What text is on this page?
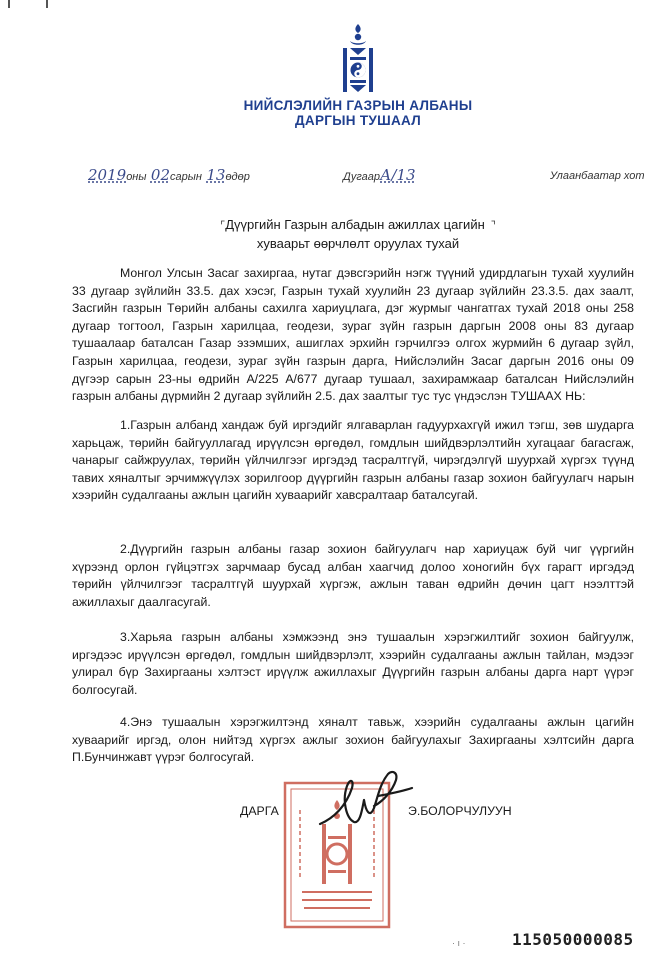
НИЙСЛЭЛИЙН ГАЗРЫН АЛБАНЫ
ДАРГЫН ТУШААЛ
2019оны 02сарын 13өдөр	ДугаарА/13	Улаанбаатар хот
⌜Дүүргийн Газрын албадын ажиллах цагийн ⌝
хуваарьт өөрчлөлт оруулах тухай
Монгол Улсын Засаг захиргаа, нутаг дэвсгэрийн нэгж түүний удирдлагын тухай хуулийн 33 дугаар зүйлийн 33.5. дах хэсэг, Газрын тухай хуулийн 23 дугаар зүйлийн 23.3.5. дах заалт, Засгийн газрын Төрийн албаны сахилга хариуцлага, дэг журмыг чангатгах тухай 2018 оны 258 дугаар тогтоол, Газрын харилцаа, геодези, зураг зүйн газрын даргын 2008 оны 83 дугаар тушаалаар баталсан Газар эзэмших, ашиглах эрхийн гэрчилгээ олгох журмийн 6 дугаар зүйл, Газрын харилцаа, геодези, зураг зүйн газрын дарга, Нийслэлийн Засаг даргын 2016 оны 09 дүгээр сарын 23-ны өдрийн А/225 А/677 дугаар тушаал, захирамжаар баталсан Нийслэлийн газрын албаны дүрмийн 2 дугаар зүйлийн 2.5. дах заалтыг тус тус үндэслэн ТУШААХ НЬ:
1.Газрын албанд хандаж буй иргэдийг ялгаварлан гадуурхахгүй ижил тэгш, зөв шударга харьцаж, төрийн байгууллагад ирүүлсэн өргөдөл, гомдлын шийдвэрлэлтийн хугацааг багасгаж, чанарыг сайжруулах, төрийн үйлчилгээг иргэдэд тасралтгүй, чирэгдэлгүй шуурхай хүргэх түүнд тавих хяналтыг эрчимжүүлэх зорилгоор дүүргийн газрын албаны газар зохион байгуулагч нарын хээрийн судалгааны ажлын цагийн хуваарийг хавсралтаар баталсугай.
2.Дүүргийн газрын албаны газар зохион байгуулагч нар хариуцаж буй чиг үүргийн хүрээнд орлон гүйцэтгэх зарчмаар бусад албан хаагчид долоо хоногийн бүх гарагт иргэдэд төрийн үйлчилгээг тасралтгүй шуурхай хүргэж, ажлын таван өдрийн дөчин цагт нээлттэй ажиллахыг даалгасугай.
3.Харьяа газрын албаны хэмжээнд энэ тушаалын хэрэгжилтийг зохион байгуулж, иргэдээс ирүүлсэн өргөдөл, гомдлын шийдвэрлэлт, хээрийн судалгааны ажлын тайлан, мэдээг улирал бүр Захиргааны хэлтэст ирүүлж ажиллахыг Дүүргийн газрын албаны дарга нарт үүрэг болгосугай.
4.Энэ тушаалын хэрэгжилтэнд хяналт тавьж, хээрийн судалгааны ажлын цагийн хуваарийг иргэд, олон нийтэд хүргэх ажлыг зохион байгуулахыг Захиргааны хэлтсийн дарга П.Бунчинжавт үүрэг болгосугай.
ДАРГА	Э.БОЛОРЧУЛУУН
· ı ·	115050000085
